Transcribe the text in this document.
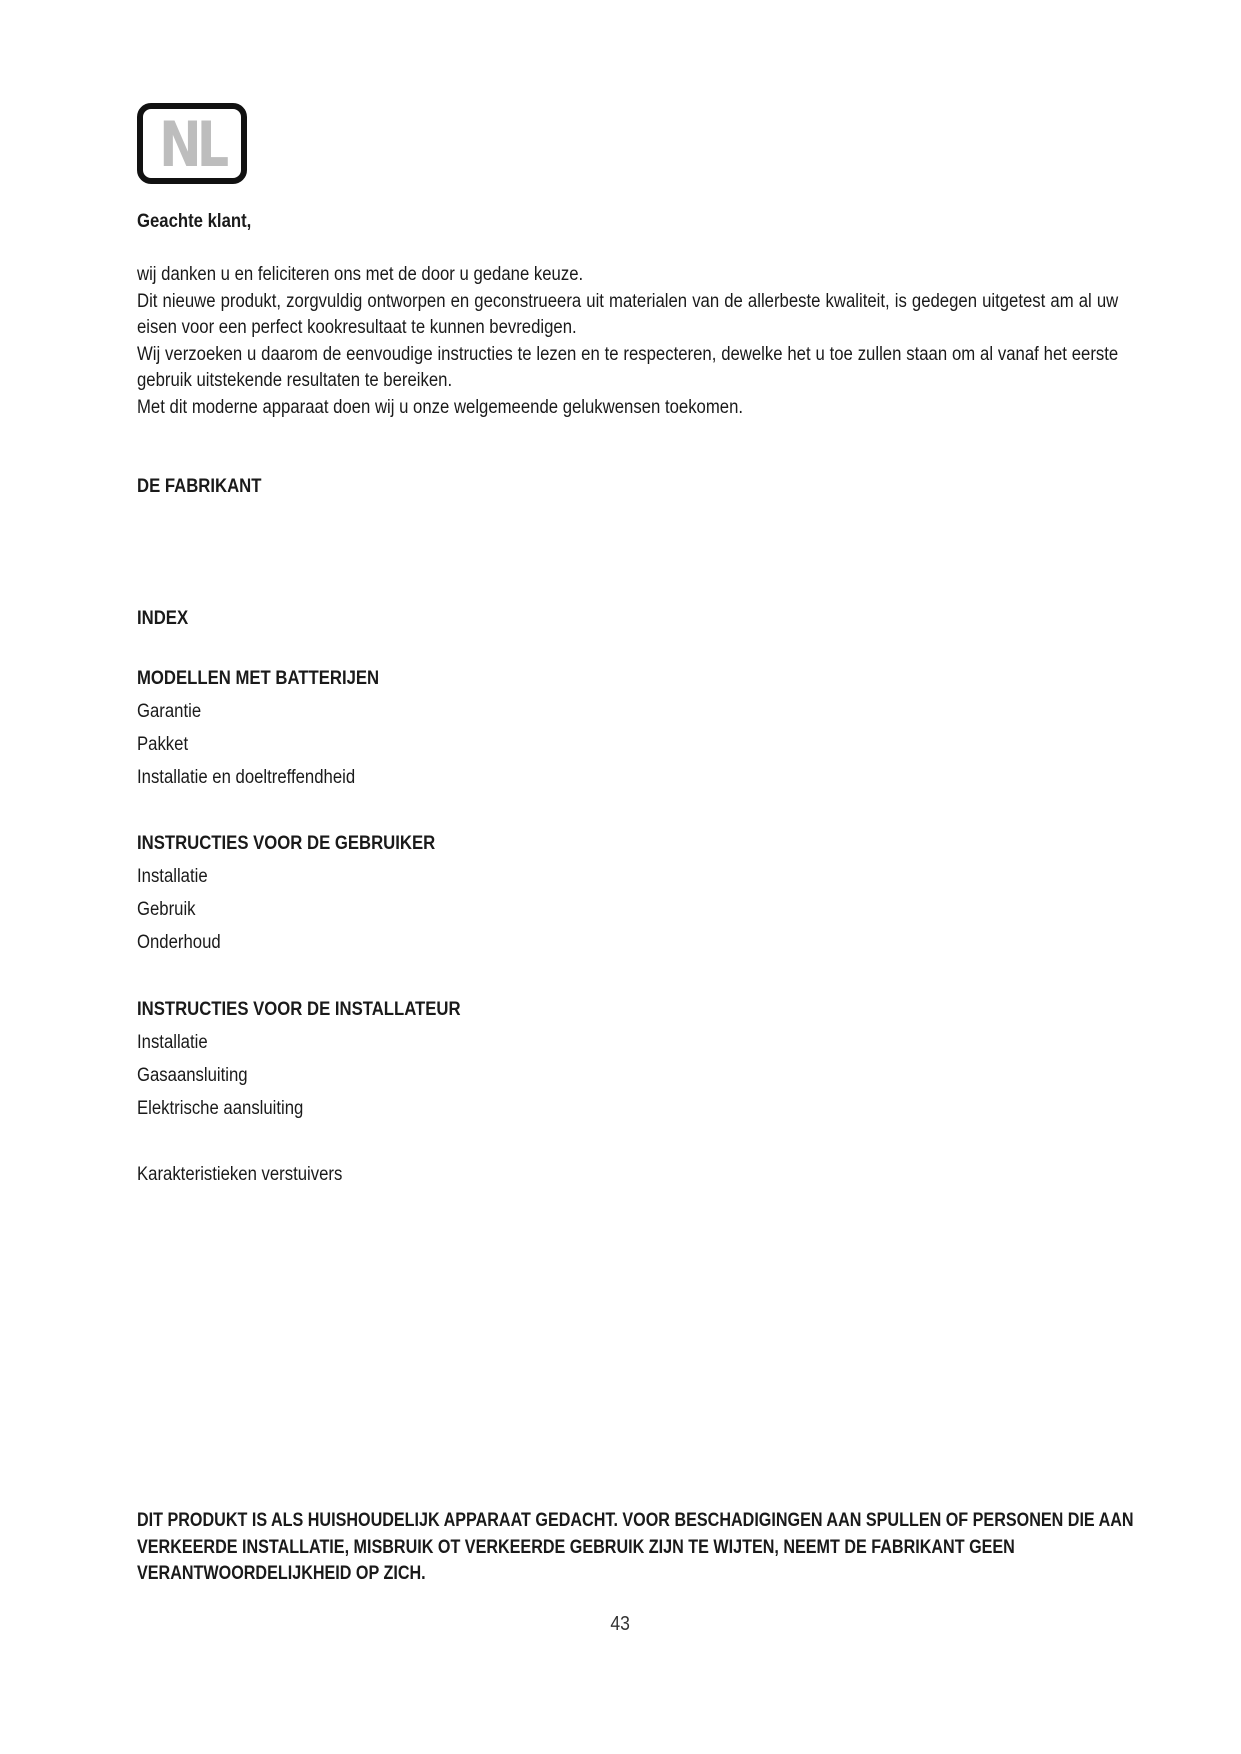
NL
Geachte klant,

wij danken u en feliciteren ons met de door u gedane keuze.

Dit nieuwe produkt, zorgvuldig ontworpen en geconstrueera uit materialen van de allerbeste kwaliteit, is gedegen uitgetest am al uw eisen voor een perfect kookresultaat te kunnen bevredigen.

Wij verzoeken u daarom de eenvoudige instructies te lezen en te respecteren, dewelke het u toe zullen staan om al vanaf het eerste gebruik uitstekende resultaten te bereiken.

Met dit moderne apparaat doen wij u onze welgemeende gelukwensen toekomen.

DE FABRIKANT
INDEX
MODELLEN MET BATTERIJEN
Garantie
Pakket
Installatie en doeltreffendheid
INSTRUCTIES VOOR DE GEBRUIKER
Installatie
Gebruik
Onderhoud
INSTRUCTIES VOOR DE INSTALLATEUR
Installatie
Gasaansluiting
Elektrische aansluiting
Karakteristieken verstuivers
DIT PRODUKT IS ALS HUISHOUDELIJK APPARAAT GEDACHT. VOOR BESCHADIGINGEN AAN SPULLEN OF PERSONEN DIE AAN VERKEERDE INSTALLATIE, MISBRUIK OT VERKEERDE GEBRUIK ZIJN TE WIJTEN, NEEMT DE FABRIKANT GEEN VERANTWOORDELIJKHEID OP ZICH.
43
